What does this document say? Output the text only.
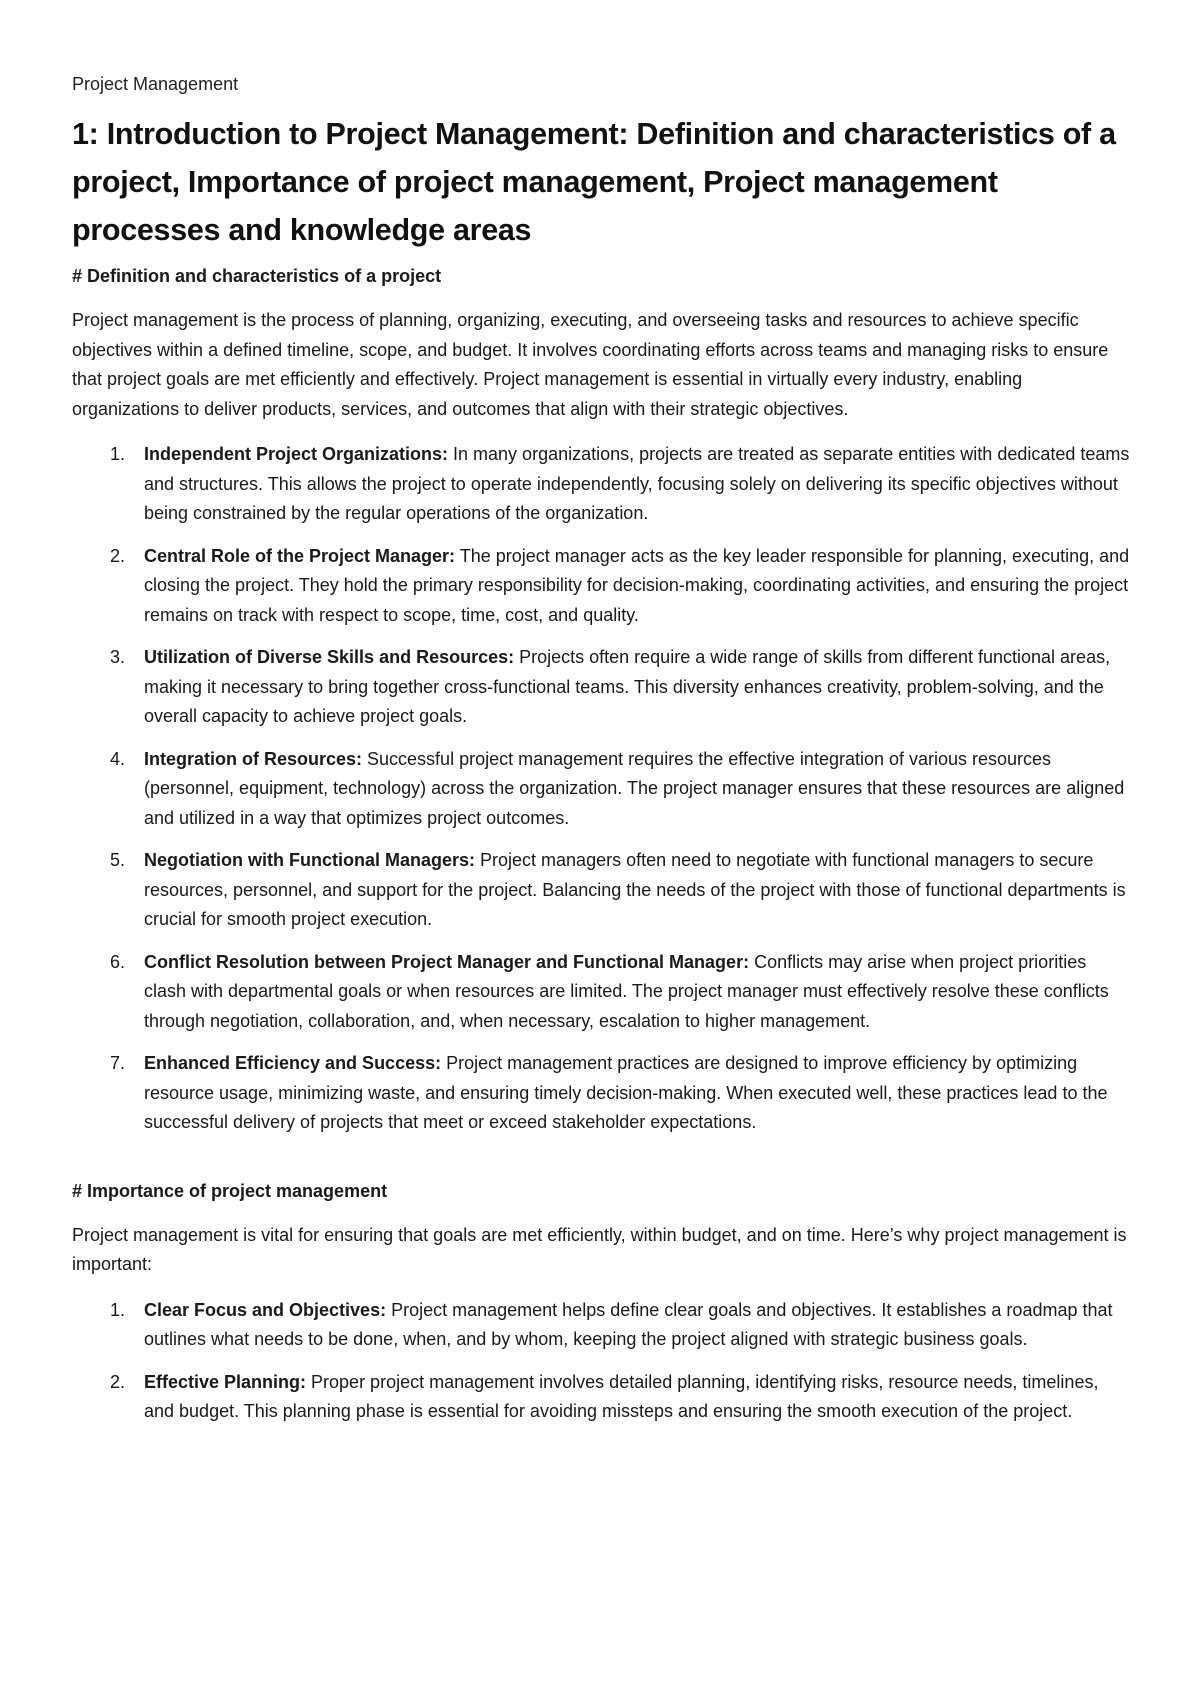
Project Management
1: Introduction to Project Management: Definition and characteristics of a project, Importance of project management, Project management processes and knowledge areas
# Definition and characteristics of a project

Project management is the process of planning, organizing, executing, and overseeing tasks and resources to achieve specific objectives within a defined timeline, scope, and budget. It involves coordinating efforts across teams and managing risks to ensure that project goals are met efficiently and effectively. Project management is essential in virtually every industry, enabling organizations to deliver products, services, and outcomes that align with their strategic objectives.

1. Independent Project Organizations: In many organizations, projects are treated as separate entities with dedicated teams and structures. This allows the project to operate independently, focusing solely on delivering its specific objectives without being constrained by the regular operations of the organization.
2. Central Role of the Project Manager: The project manager acts as the key leader responsible for planning, executing, and closing the project. They hold the primary responsibility for decision-making, coordinating activities, and ensuring the project remains on track with respect to scope, time, cost, and quality.
3. Utilization of Diverse Skills and Resources: Projects often require a wide range of skills from different functional areas, making it necessary to bring together cross-functional teams. This diversity enhances creativity, problem-solving, and the overall capacity to achieve project goals.
4. Integration of Resources: Successful project management requires the effective integration of various resources (personnel, equipment, technology) across the organization. The project manager ensures that these resources are aligned and utilized in a way that optimizes project outcomes.
5. Negotiation with Functional Managers: Project managers often need to negotiate with functional managers to secure resources, personnel, and support for the project. Balancing the needs of the project with those of functional departments is crucial for smooth project execution.
6. Conflict Resolution between Project Manager and Functional Manager: Conflicts may arise when project priorities clash with departmental goals or when resources are limited. The project manager must effectively resolve these conflicts through negotiation, collaboration, and, when necessary, escalation to higher management.
7. Enhanced Efficiency and Success: Project management practices are designed to improve efficiency by optimizing resource usage, minimizing waste, and ensuring timely decision-making. When executed well, these practices lead to the successful delivery of projects that meet or exceed stakeholder expectations.
# Importance of project management

Project management is vital for ensuring that goals are met efficiently, within budget, and on time. Here’s why project management is important:

1. Clear Focus and Objectives: Project management helps define clear goals and objectives. It establishes a roadmap that outlines what needs to be done, when, and by whom, keeping the project aligned with strategic business goals.
2. Effective Planning: Proper project management involves detailed planning, identifying risks, resource needs, timelines, and budget. This planning phase is essential for avoiding missteps and ensuring the smooth execution of the project.
